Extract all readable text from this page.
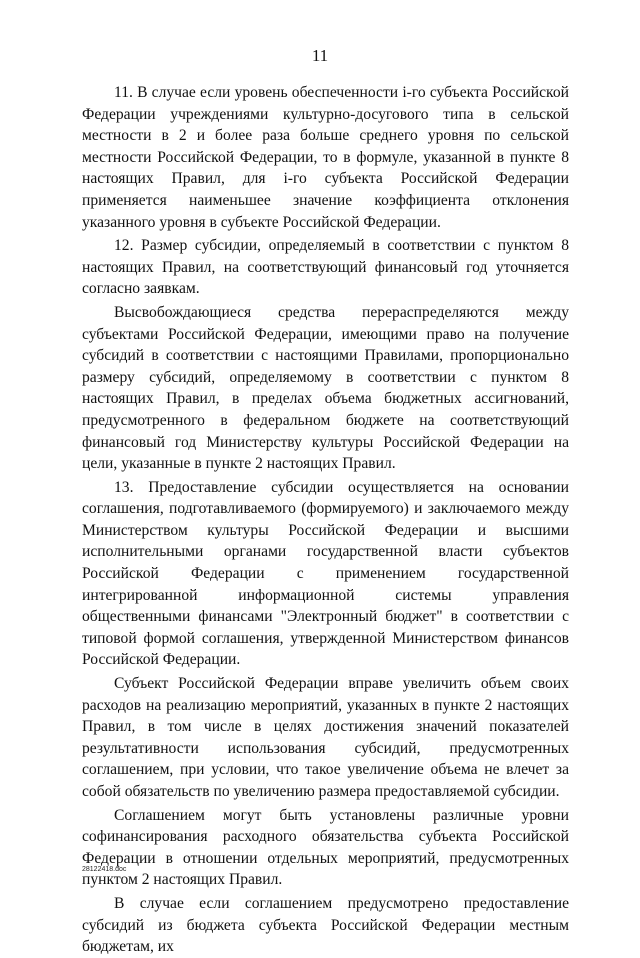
11

11. В случае если уровень обеспеченности i-го субъекта Российской Федерации учреждениями культурно-досугового типа в сельской местности в 2 и более раза больше среднего уровня по сельской местности Российской Федерации, то в формуле, указанной в пункте 8 настоящих Правил, для i-го субъекта Российской Федерации применяется наименьшее значение коэффициента отклонения указанного уровня в субъекте Российской Федерации.

12. Размер субсидии, определяемый в соответствии с пунктом 8 настоящих Правил, на соответствующий финансовый год уточняется согласно заявкам.

Высвобождающиеся средства перераспределяются между субъектами Российской Федерации, имеющими право на получение субсидий в соответствии с настоящими Правилами, пропорционально размеру субсидий, определяемому в соответствии с пунктом 8 настоящих Правил, в пределах объема бюджетных ассигнований, предусмотренного в федеральном бюджете на соответствующий финансовый год Министерству культуры Российской Федерации на цели, указанные в пункте 2 настоящих Правил.

13. Предоставление субсидии осуществляется на основании соглашения, подготавливаемого (формируемого) и заключаемого между Министерством культуры Российской Федерации и высшими исполнительными органами государственной власти субъектов Российской Федерации с применением государственной интегрированной информационной системы управления общественными финансами "Электронный бюджет" в соответствии с типовой формой соглашения, утвержденной Министерством финансов Российской Федерации.

Субъект Российской Федерации вправе увеличить объем своих расходов на реализацию мероприятий, указанных в пункте 2 настоящих Правил, в том числе в целях достижения значений показателей результативности использования субсидий, предусмотренных соглашением, при условии, что такое увеличение объема не влечет за собой обязательств по увеличению размера предоставляемой субсидии.

Соглашением могут быть установлены различные уровни софинансирования расходного обязательства субъекта Российской Федерации в отношении отдельных мероприятий, предусмотренных пунктом 2 настоящих Правил.

В случае если соглашением предусмотрено предоставление субсидий из бюджета субъекта Российской Федерации местным бюджетам, их

28122418.doc
